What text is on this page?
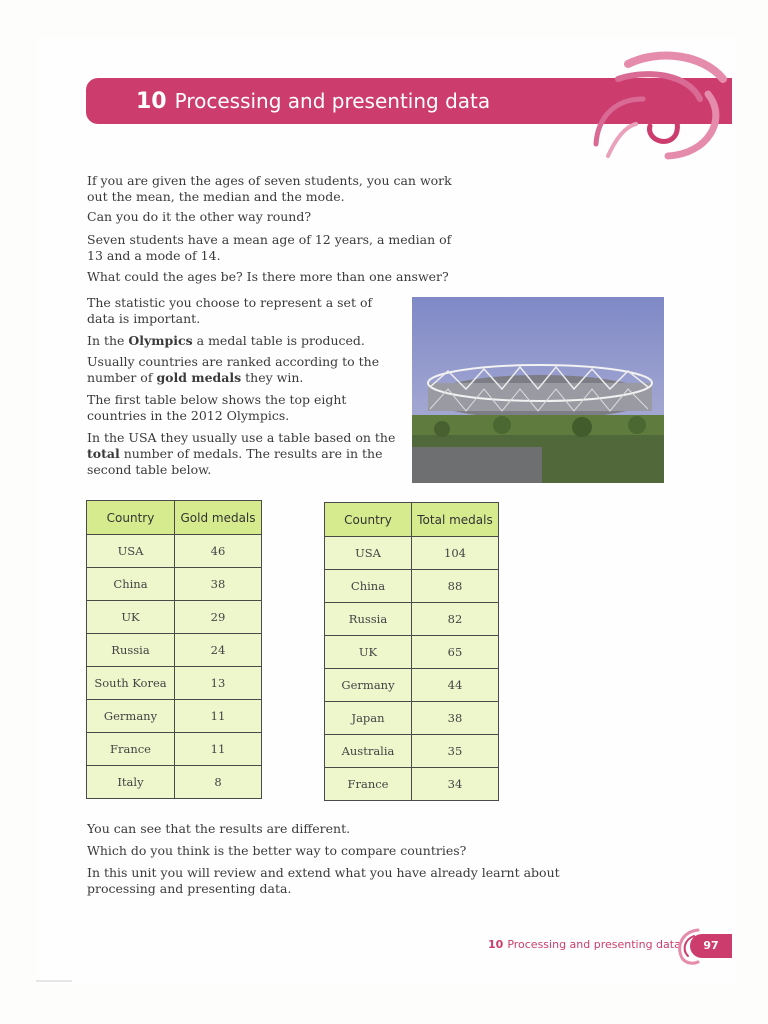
10 Processing and presenting data

If you are given the ages of seven students, you can work out the mean, the median and the mode.

Can you do it the other way round?

Seven students have a mean age of 12 years, a median of 13 and a mode of 14.

What could the ages be? Is there more than one answer?

The statistic you choose to represent a set of data is important.

In the Olympics a medal table is produced.

Usually countries are ranked according to the number of gold medals they win.

The first table below shows the top eight countries in the 2012 Olympics.

In the USA they usually use a table based on the total number of medals. The results are in the second table below.

Country	Gold medals
USA	46
China	38
UK	29
Russia	24
South Korea	13
Germany	11
France	11
Italy	8
Country	Total medals
USA	104
China	88
Russia	82
UK	65
Germany	44
Japan	38
Australia	35
France	34

You can see that the results are different.

Which do you think is the better way to compare countries?

In this unit you will review and extend what you have already learnt about processing and presenting data.

10 Processing and presenting data	97
